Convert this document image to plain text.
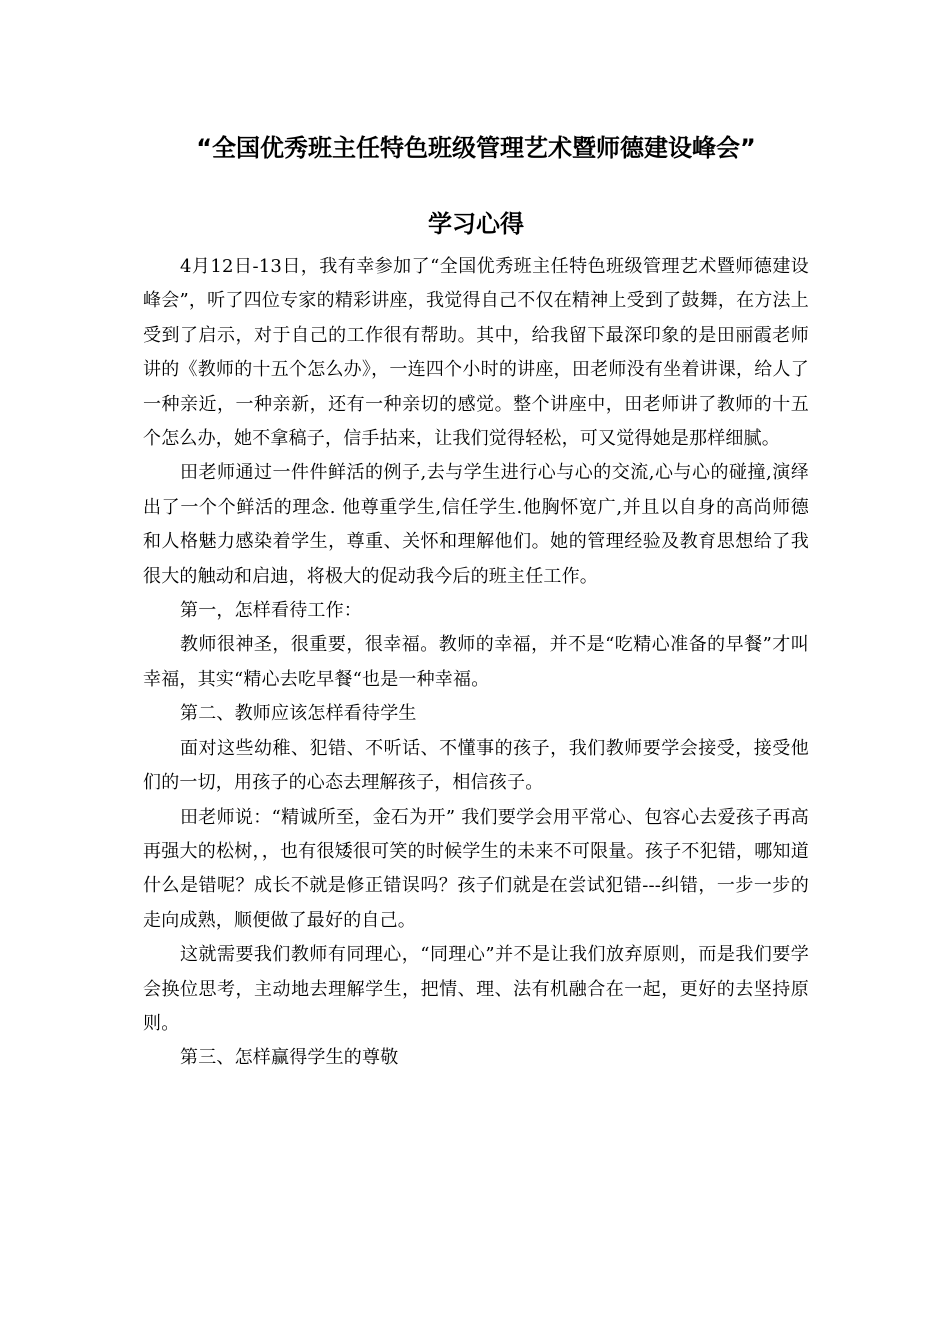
“全国优秀班主任特色班级管理艺术暨师德建设峰会”
学习心得

4月12日-13日，我有幸参加了“全国优秀班主任特色班级管理艺术暨师德建设峰会”，听了四位专家的精彩讲座，我觉得自己不仅在精神上受到了鼓舞，在方法上受到了启示，对于自己的工作很有帮助。其中，给我留下最深印象的是田丽霞老师讲的《教师的十五个怎么办》，一连四个小时的讲座，田老师没有坐着讲课，给人了一种亲近，一种亲新，还有一种亲切的感觉。整个讲座中，田老师讲了教师的十五个怎么办，她不拿稿子，信手拈来，让我们觉得轻松，可又觉得她是那样细腻。

田老师通过一件件鲜活的例子,去与学生进行心与心的交流,心与心的碰撞,演绎出了一个个鲜活的理念. 他尊重学生,信任学生.他胸怀宽广,并且以自身的高尚师德和人格魅力感染着学生，尊重、关怀和理解他们。她的管理经验及教育思想给了我很大的触动和启迪，将极大的促动我今后的班主任工作。

第一，怎样看待工作：

教师很神圣，很重要，很幸福。教师的幸福，并不是“吃精心准备的早餐”才叫幸福，其实“精心去吃早餐“也是一种幸福。

第二、教师应该怎样看待学生

面对这些幼稚、犯错、不听话、不懂事的孩子，我们教师要学会接受，接受他们的一切，用孩子的心态去理解孩子，相信孩子。

田老师说：“精诚所至，金石为开” 我们要学会用平常心、包容心去爱孩子再高再强大的松树，，也有很矮很可笑的时候学生的未来不可限量。孩子不犯错，哪知道什么是错呢？成长不就是修正错误吗？孩子们就是在尝试犯错---纠错，一步一步的走向成熟，顺便做了最好的自己。

这就需要我们教师有同理心，“同理心”并不是让我们放弃原则，而是我们要学会换位思考，主动地去理解学生，把情、理、法有机融合在一起，更好的去坚持原则。

第三、怎样赢得学生的尊敬
